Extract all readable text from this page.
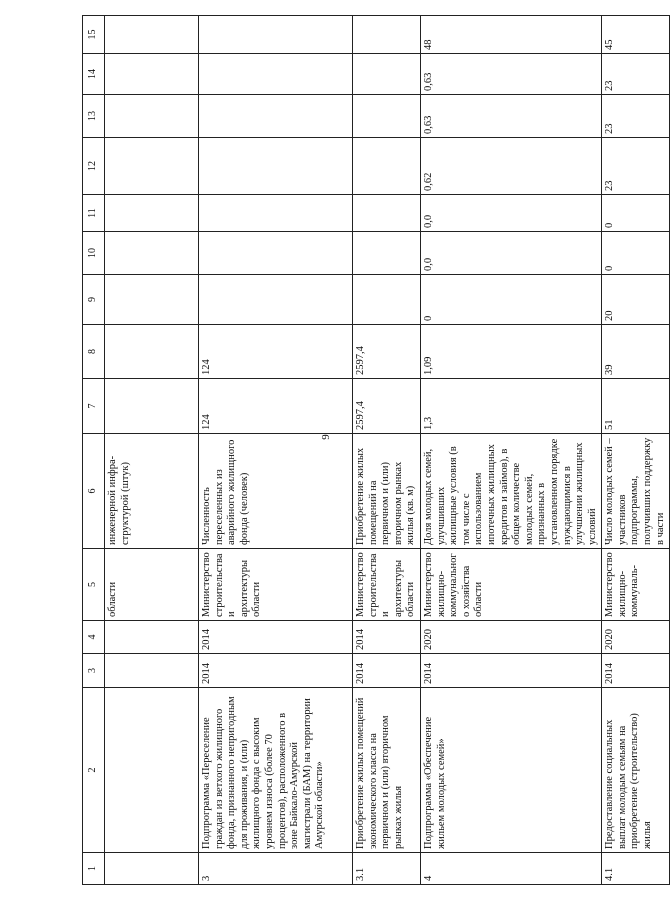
9
1	2	3	4	5	6	7	8	9	10	11	12	13	14	15
				области	инженерной инфра-структурой (штук)									
3	Подпрограмма «Переселение граждан из ветхого жилищного фонда, признанного непригодным для проживания, и (или) жилищного фонда с высоким уровнем износа (более 70 процентов), расположенного в зоне Байкало-Амурской магистрали (БАМ) на территории Амурской области»	2014	2014	Министерство строительства и архитектуры области	Численность переселенных из аварийного жилищного фонда (человек)	124	124							
3.1	Приобретение жилых помещений экономического класса на первичном и (или) вторичном рынках жилья	2014	2014	Министерство строительства и архитектуры области	Приобретение жилых помещений на первичном и (или) вторичном рынках жилья (кв. м)	2597,4	2597,4							
4	Подпрограмма «Обеспечение жильем молодых семей»	2014	2020	Министерство жилищно-коммунального хозяйства области	Доля молодых семей, улучшивших жилищные условия (в том числе с использованием ипотечных жилищных кредитов и займов), в общем количестве молодых семей, признанных в установленном порядке нуждающимися в улучшении жилищных условий	1,3	1,09	0	0,0	0,0	0,62	0,63	0,63	48
4.1	Предоставление социальных выплат молодым семьям на приобретение (строительство) жилья	2014	2020	Министерство жилищно-коммуналь-	Число молодых семей – участников подпрограммы, получивших поддержку в части	51	39	20	0	0	23	23	23	45
